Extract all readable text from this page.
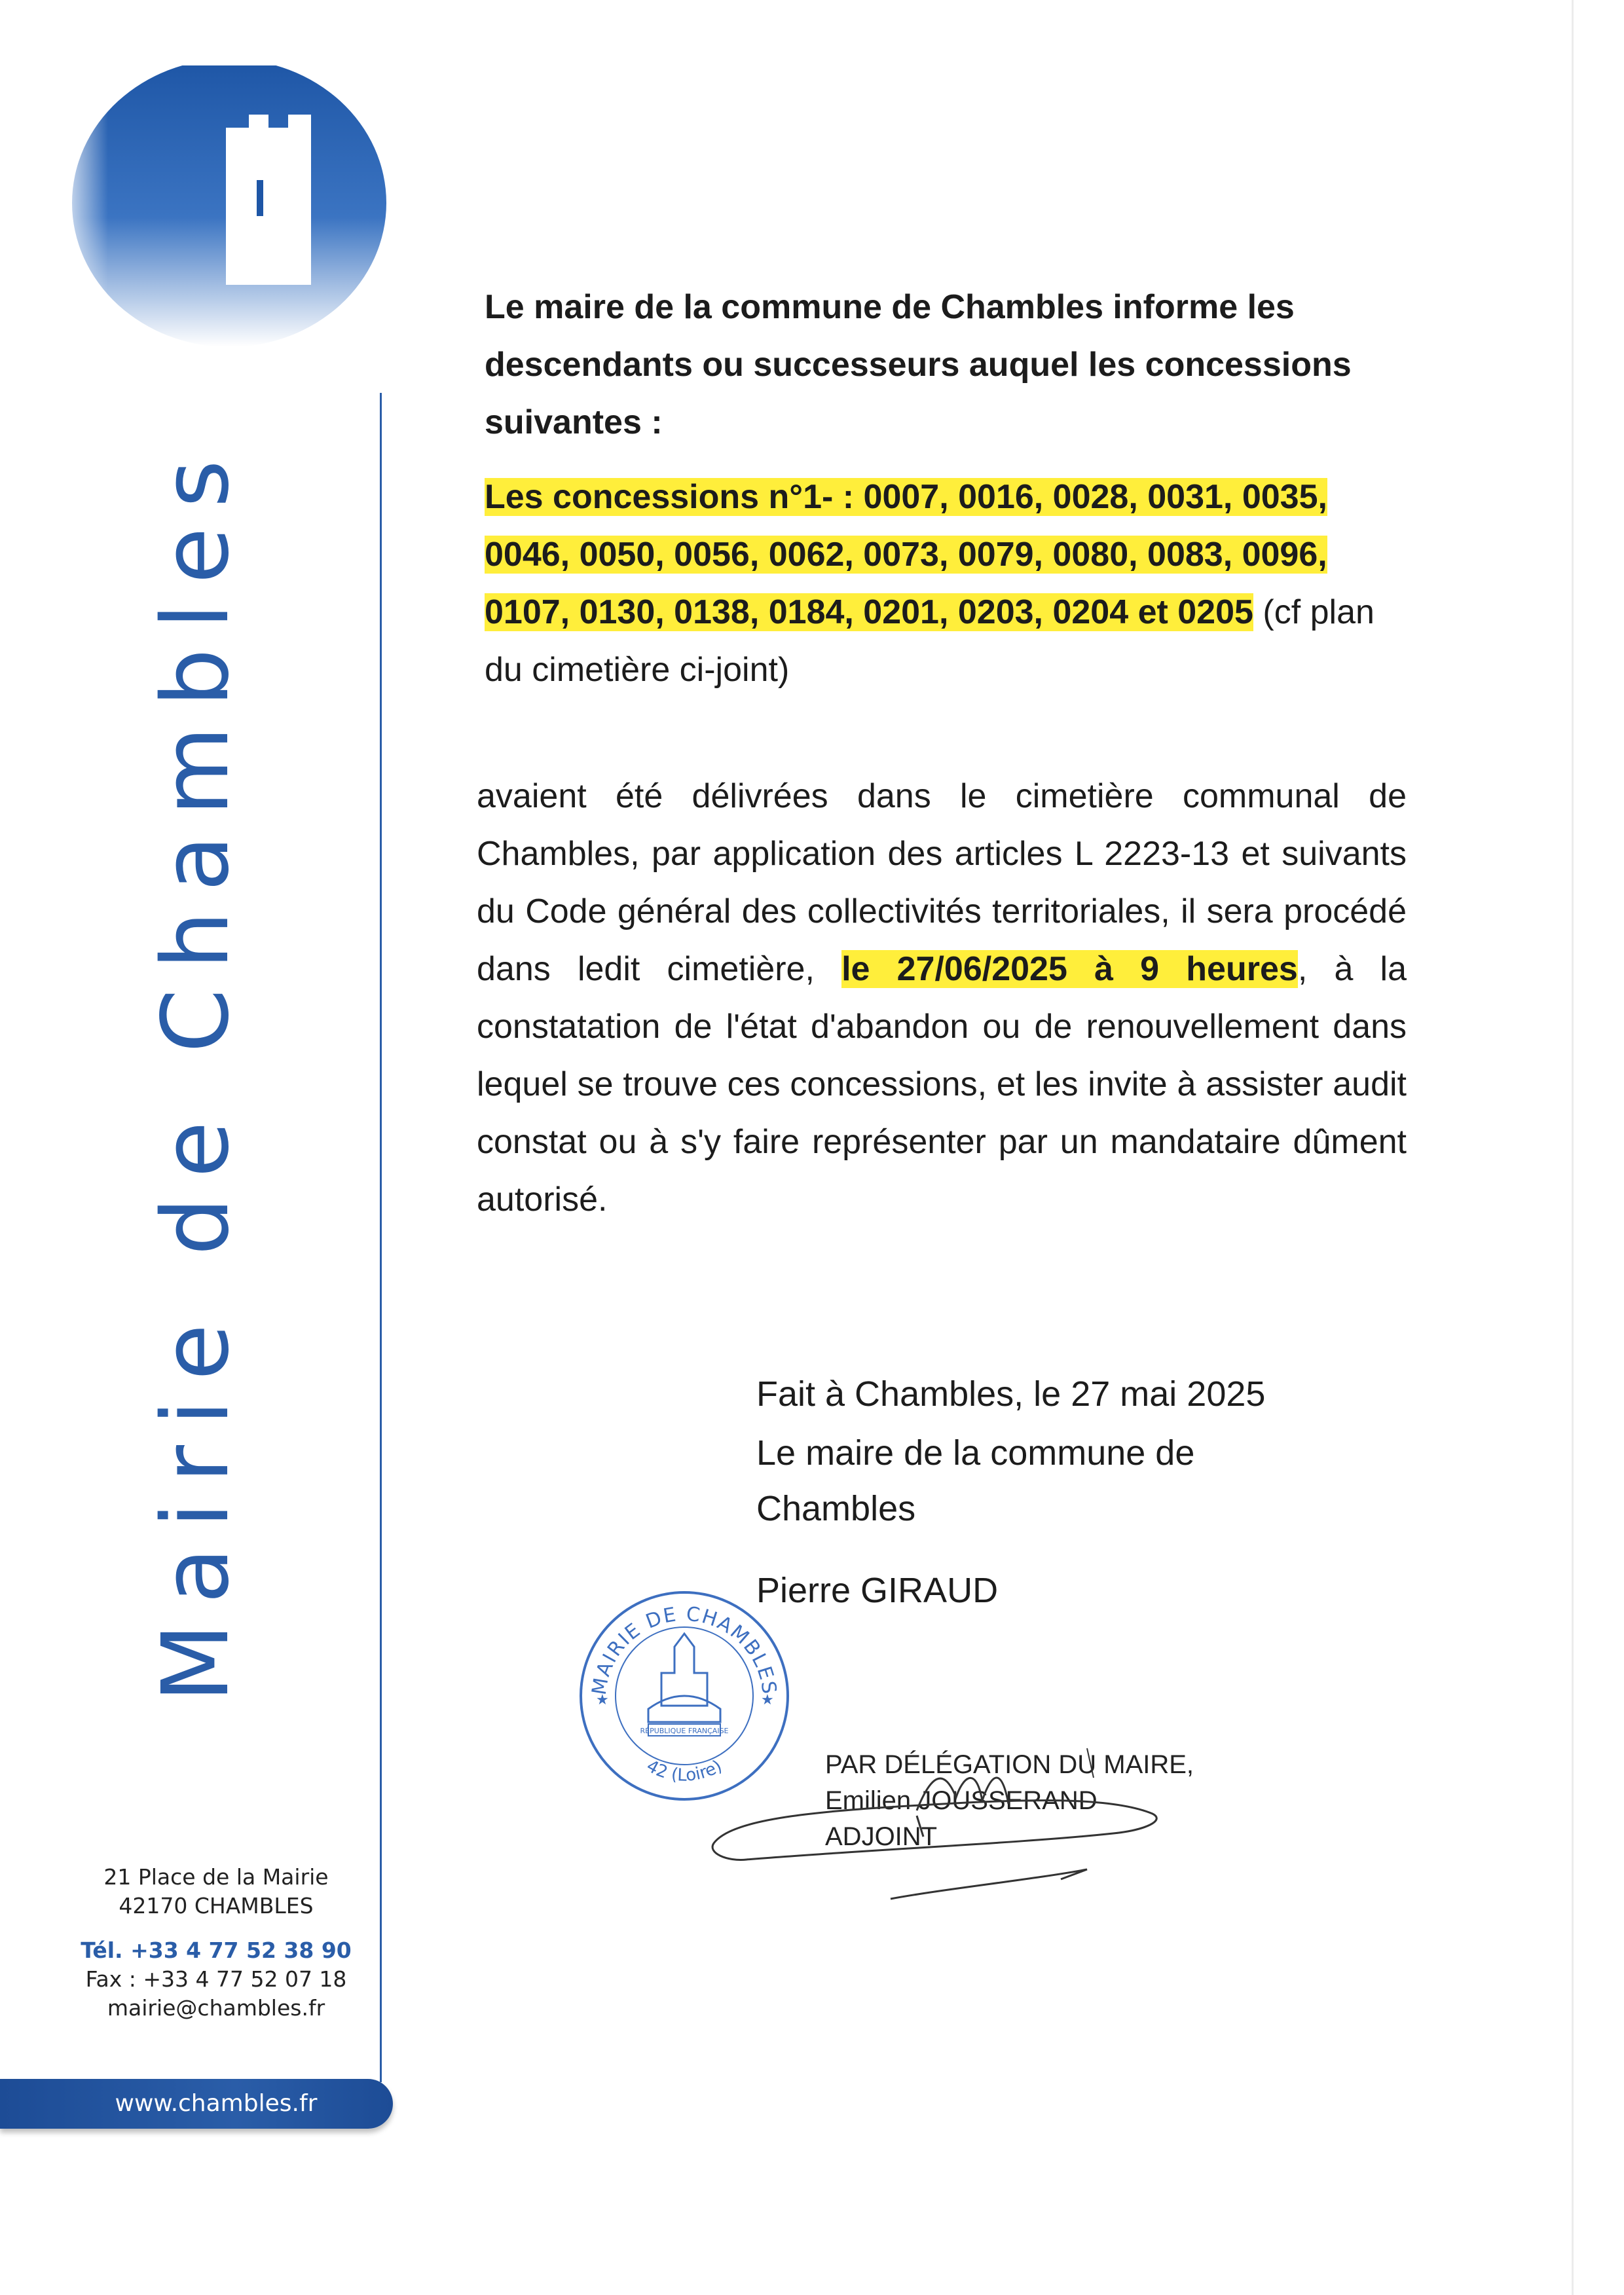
Mairie de Chambles
21 Place de la Mairie
42170 CHAMBLES
Tél. +33 4 77 52 38 90
Fax : +33 4 77 52 07 18
mairie@chambles.fr
www.chambles.fr
Le maire de la commune de Chambles informe les descendants ou successeurs auquel les concessions suivantes :
Les concessions n°1- : 0007, 0016, 0028, 0031, 0035, 0046, 0050, 0056, 0062, 0073, 0079, 0080, 0083, 0096, 0107, 0130, 0138, 0184, 0201, 0203, 0204 et 0205 (cf plan du cimetière ci-joint)
avaient été délivrées dans le cimetière communal de Chambles, par application des articles L 2223-13 et suivants du Code général des collectivités territoriales, il sera procédé dans ledit cimetière, le 27/06/2025 à 9 heures, à la constatation de l'état d'abandon ou de renouvellement dans lequel se trouve ces concessions, et les invite à assister audit constat ou à s'y faire représenter par un mandataire dûment autorisé.
Fait à Chambles, le 27 mai 2025
Le maire de la commune de
Chambles
Pierre GIRAUD
MAIRIE DE CHAMBLES
42 (Loire)
★	★
RÉPUBLIQUE FRANÇAISE
PAR DÉLÉGATION DU MAIRE,
Emilien JOUSSERAND
ADJOINT
